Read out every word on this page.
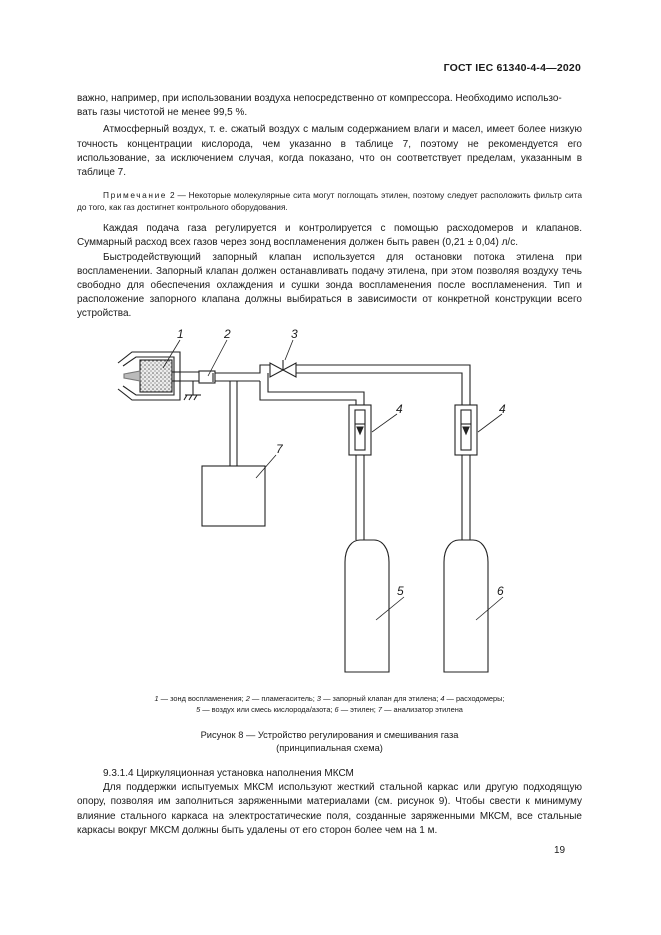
ГОСТ IEC 61340-4-4—2020

важно, например, при использовании воздуха непосредственно от компрессора. Необходимо использо-

вать газы чистотой не менее 99,5 %.

Атмосферный воздух, т. е. сжатый воздух с малым содержанием влаги и масел, имеет более низкую точность концентрации кислорода, чем указанно в таблице 7, поэтому не рекомендуется его использование, за исключением случая, когда показано, что он соответствует пределам, указанным в таблице 7.

Примечание 2 — Некоторые молекулярные сита могут поглощать этилен, поэтому следует расположить фильтр сита до того, как газ достигнет контрольного оборудования.

Каждая подача газа регулируется и контролируется с помощью расходомеров и клапанов. Суммарный расход всех газов через зонд воспламенения должен быть равен (0,21 ± 0,04) л/с.

Быстродействующий запорный клапан используется для остановки потока этилена при воспламенении. Запорный клапан должен останавливать подачу этилена, при этом позволяя воздуху течь свободно для обеспечения охлаждения и сушки зонда воспламенения после воспламенения. Тип и расположение запорного клапана должны выбираться в зависимости от конкретной конструкции всего устройства.

1	2	3
4	4
5	6
7
1 — зонд воспламенения; 2 — пламегаситель; 3 — запорный клапан для этилена; 4 — расходомеры;
5 — воздух или смесь кислорода/азота; 6 — этилен; 7 — анализатор этилена
Рисунок 8 — Устройство регулирования и смешивания газа
(принципиальная схема)

9.3.1.4 Циркуляционная установка наполнения МКСМ

Для поддержки испытуемых МКСМ используют жесткий стальной каркас или другую подходящую опору, позволяя им заполниться заряженными материалами (см. рисунок 9). Чтобы свести к минимуму влияние стального каркаса на электростатические поля, созданные заряженными МКСМ, все стальные каркасы вокруг МКСМ должны быть удалены от его сторон более чем на 1 м.

19
